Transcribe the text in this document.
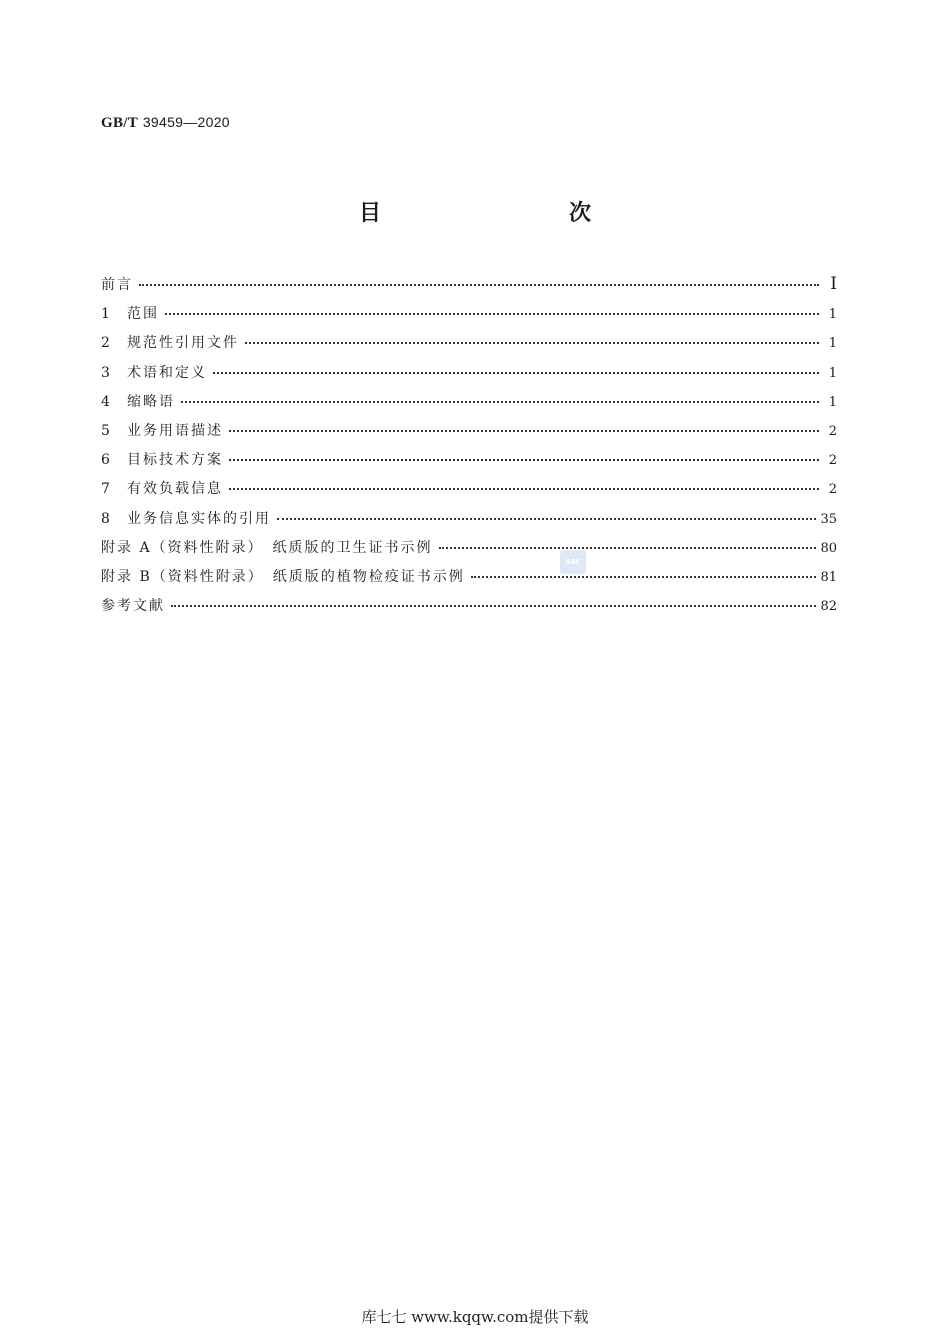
GB/T 39459—2020
目　　次
前言	Ⅰ
1	范围	1
2	规范性引用文件	1
3	术语和定义	1
4	缩略语	1
5	业务用语描述	2
6	目标技术方案	2
7	有效负载信息	2
8	业务信息实体的引用	35
附录 A（资料性附录）　纸质版的卫生证书示例	80
附录 B（资料性附录）　纸质版的植物检疫证书示例	81
参考文献	82
SAC
库七七 www.kqqw.com提供下载
